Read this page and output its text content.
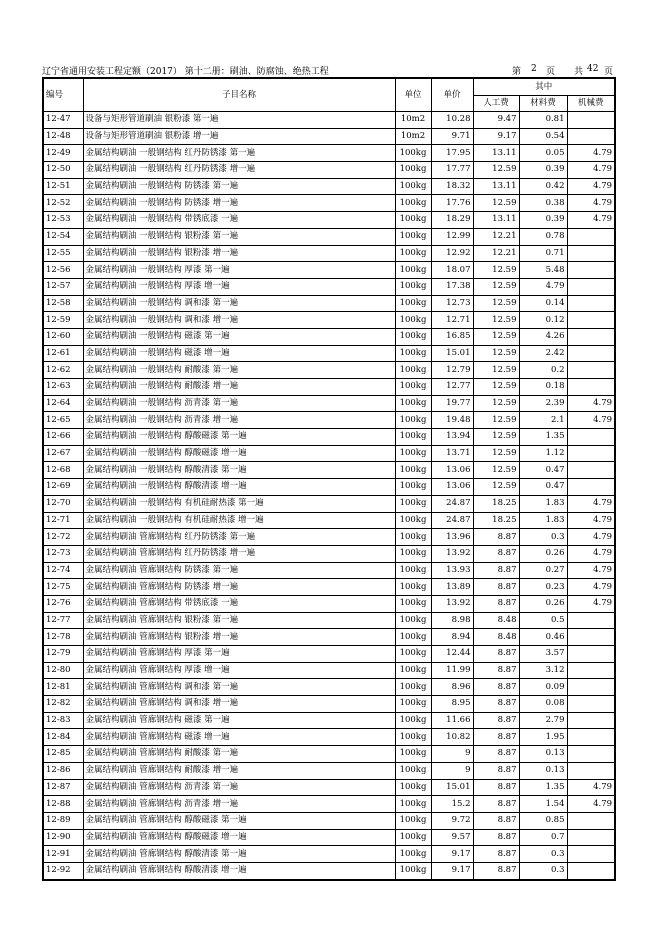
辽宁省通用安装工程定额（2017） 第十二册：刷油、防腐蚀、绝热工程	第 2 页 共 42 页
编号	子目名称	单位	单价	其中		
				人工费	材料费	机械费
12-47	设备与矩形管道刷油 银粉漆 第一遍	10m2	10.28	9.47	0.81	
12-48	设备与矩形管道刷油 银粉漆 增一遍	10m2	9.71	9.17	0.54	
12-49	金属结构刷油 一般钢结构 红丹防锈漆 第一遍	100kg	17.95	13.11	0.05	4.79
12-50	金属结构刷油 一般钢结构 红丹防锈漆 增一遍	100kg	17.77	12.59	0.39	4.79
12-51	金属结构刷油 一般钢结构 防锈漆 第一遍	100kg	18.32	13.11	0.42	4.79
12-52	金属结构刷油 一般钢结构 防锈漆 增一遍	100kg	17.76	12.59	0.38	4.79
12-53	金属结构刷油 一般钢结构 带锈底漆 一遍	100kg	18.29	13.11	0.39	4.79
12-54	金属结构刷油 一般钢结构 银粉漆 第一遍	100kg	12.99	12.21	0.78	
12-55	金属结构刷油 一般钢结构 银粉漆 增一遍	100kg	12.92	12.21	0.71	
12-56	金属结构刷油 一般钢结构 厚漆 第一遍	100kg	18.07	12.59	5.48	
12-57	金属结构刷油 一般钢结构 厚漆 增一遍	100kg	17.38	12.59	4.79	
12-58	金属结构刷油 一般钢结构 调和漆 第一遍	100kg	12.73	12.59	0.14	
12-59	金属结构刷油 一般钢结构 调和漆 增一遍	100kg	12.71	12.59	0.12	
12-60	金属结构刷油 一般钢结构 磁漆 第一遍	100kg	16.85	12.59	4.26	
12-61	金属结构刷油 一般钢结构 磁漆 增一遍	100kg	15.01	12.59	2.42	
12-62	金属结构刷油 一般钢结构 耐酸漆 第一遍	100kg	12.79	12.59	0.2	
12-63	金属结构刷油 一般钢结构 耐酸漆 增一遍	100kg	12.77	12.59	0.18	
12-64	金属结构刷油 一般钢结构 沥青漆 第一遍	100kg	19.77	12.59	2.39	4.79
12-65	金属结构刷油 一般钢结构 沥青漆 增一遍	100kg	19.48	12.59	2.1	4.79
12-66	金属结构刷油 一般钢结构 醇酸磁漆 第一遍	100kg	13.94	12.59	1.35	
12-67	金属结构刷油 一般钢结构 醇酸磁漆 增一遍	100kg	13.71	12.59	1.12	
12-68	金属结构刷油 一般钢结构 醇酸清漆 第一遍	100kg	13.06	12.59	0.47	
12-69	金属结构刷油 一般钢结构 醇酸清漆 增一遍	100kg	13.06	12.59	0.47	
12-70	金属结构刷油 一般钢结构 有机硅耐热漆 第一遍	100kg	24.87	18.25	1.83	4.79
12-71	金属结构刷油 一般钢结构 有机硅耐热漆 增一遍	100kg	24.87	18.25	1.83	4.79
12-72	金属结构刷油 管廊钢结构 红丹防锈漆 第一遍	100kg	13.96	8.87	0.3	4.79
12-73	金属结构刷油 管廊钢结构 红丹防锈漆 增一遍	100kg	13.92	8.87	0.26	4.79
12-74	金属结构刷油 管廊钢结构 防锈漆 第一遍	100kg	13.93	8.87	0.27	4.79
12-75	金属结构刷油 管廊钢结构 防锈漆 增一遍	100kg	13.89	8.87	0.23	4.79
12-76	金属结构刷油 管廊钢结构 带锈底漆 一遍	100kg	13.92	8.87	0.26	4.79
12-77	金属结构刷油 管廊钢结构 银粉漆 第一遍	100kg	8.98	8.48	0.5	
12-78	金属结构刷油 管廊钢结构 银粉漆 增一遍	100kg	8.94	8.48	0.46	
12-79	金属结构刷油 管廊钢结构 厚漆 第一遍	100kg	12.44	8.87	3.57	
12-80	金属结构刷油 管廊钢结构 厚漆 增一遍	100kg	11.99	8.87	3.12	
12-81	金属结构刷油 管廊钢结构 调和漆 第一遍	100kg	8.96	8.87	0.09	
12-82	金属结构刷油 管廊钢结构 调和漆 增一遍	100kg	8.95	8.87	0.08	
12-83	金属结构刷油 管廊钢结构 磁漆 第一遍	100kg	11.66	8.87	2.79	
12-84	金属结构刷油 管廊钢结构 磁漆 增一遍	100kg	10.82	8.87	1.95	
12-85	金属结构刷油 管廊钢结构 耐酸漆 第一遍	100kg	9	8.87	0.13	
12-86	金属结构刷油 管廊钢结构 耐酸漆 增一遍	100kg	9	8.87	0.13	
12-87	金属结构刷油 管廊钢结构 沥青漆 第一遍	100kg	15.01	8.87	1.35	4.79
12-88	金属结构刷油 管廊钢结构 沥青漆 增一遍	100kg	15.2	8.87	1.54	4.79
12-89	金属结构刷油 管廊钢结构 醇酸磁漆 第一遍	100kg	9.72	8.87	0.85	
12-90	金属结构刷油 管廊钢结构 醇酸磁漆 增一遍	100kg	9.57	8.87	0.7	
12-91	金属结构刷油 管廊钢结构 醇酸清漆 第一遍	100kg	9.17	8.87	0.3	
12-92	金属结构刷油 管廊钢结构 醇酸清漆 增一遍	100kg	9.17	8.87	0.3	
